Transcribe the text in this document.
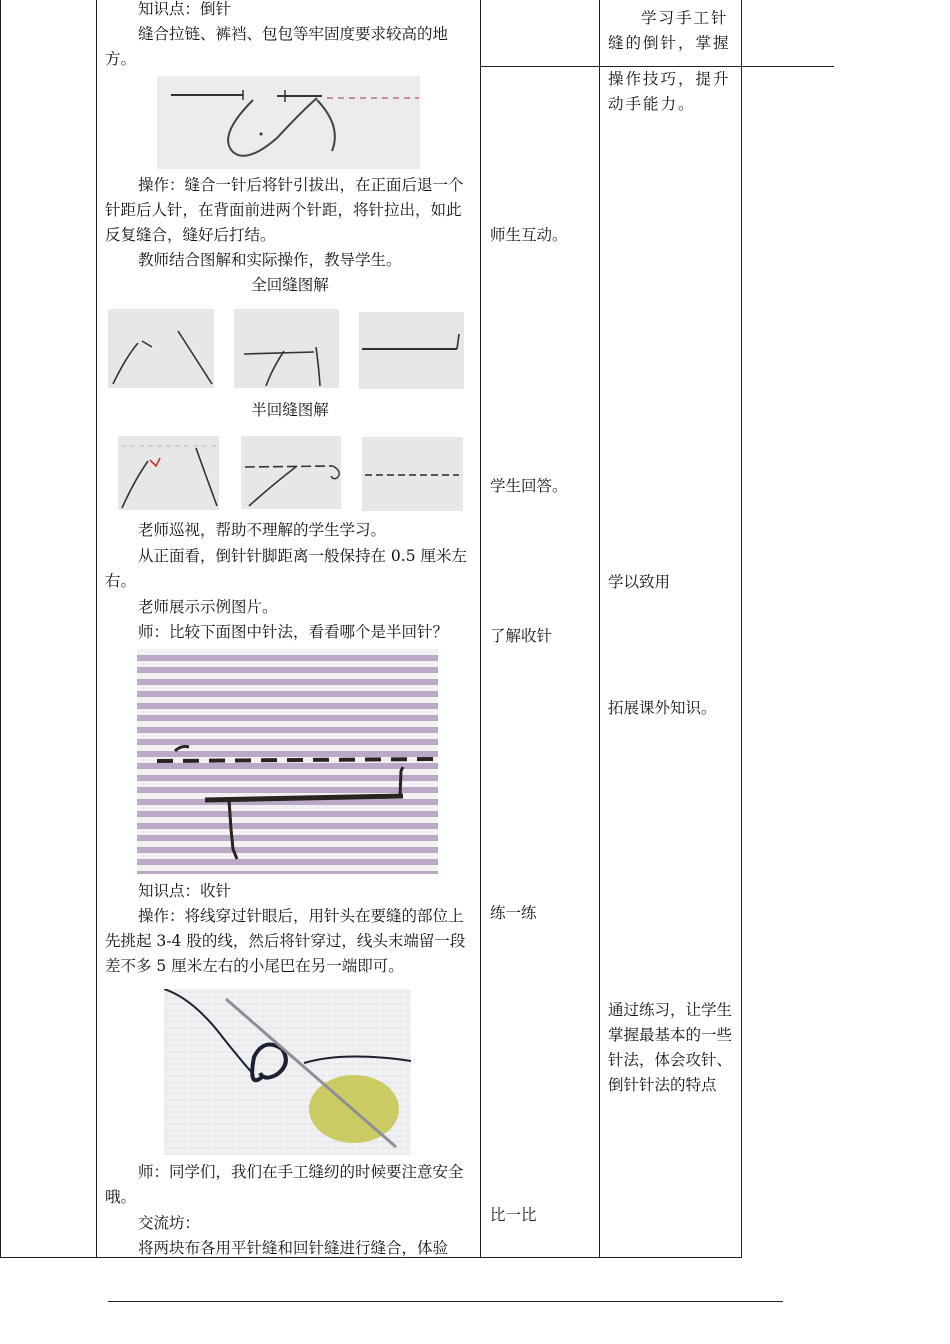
知识点：倒针
缝合拉链、裤裆、包包等牢固度要求较高的地方。
操作：缝合一针后将针引拔出，在正面后退一个针距后人针，在背面前进两个针距，将针拉出，如此反复缝合，缝好后打结。
教师结合图解和实际操作，教导学生。
全回缝图解
半回缝图解
老师巡视，帮助不理解的学生学习。
从正面看，倒针针脚距离一般保持在 0.5 厘米左右。
老师展示示例图片。
师：比较下面图中针法，看看哪个是半回针？
知识点：收针
操作：将线穿过针眼后，用针头在要缝的部位上先挑起 3-4 股的线，然后将针穿过，线头末端留一段差不多 5 厘米左右的小尾巴在另一端即可。
师：同学们，我们在手工缝纫的时候要注意安全哦。
交流坊：
将两块布各用平针缝和回针缝进行缝合，体验
师生互动。
学生回答。
了解收针
练一练
比一比
学习手工针缝的倒针，掌握
操作技巧，提升动手能力。
学以致用
拓展课外知识。
通过练习，让学生掌握最基本的一些针法，体会攻针、倒针针法的特点
